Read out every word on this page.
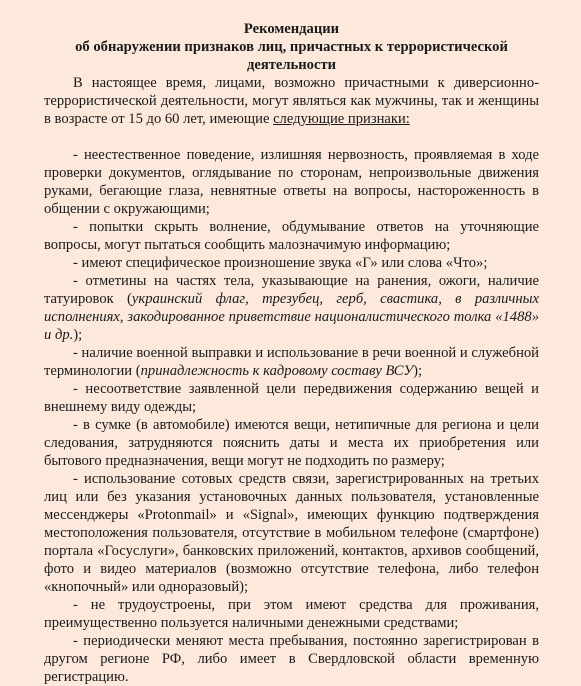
Рекомендации

об обнаружении признаков лиц, причастных к террористической деятельности

В настоящее время, лицами, возможно причастными к диверсионно-террористической деятельности, могут являться как мужчины, так и женщины в возрасте от 15 до 60 лет, имеющие следующие признаки:

- неестественное поведение, излишняя нервозность, проявляемая в ходе проверки документов, оглядывание по сторонам, непроизвольные движения руками, бегающие глаза, невнятные ответы на вопросы, настороженность в общении с окружающими;

- попытки скрыть волнение, обдумывание ответов на уточняющие вопросы, могут пытаться сообщить малозначимую информацию;

- имеют специфическое произношение звука «Г» или слова «Что»;

- отметины на частях тела, указывающие на ранения, ожоги, наличие татуировок (украинский флаг, трезубец, герб, свастика, в различных исполнениях, закодированное приветствие националистического толка «1488» и др.);

- наличие военной выправки и использование в речи военной и служебной терминологии (принадлежность к кадровому составу ВСУ);

- несоответствие заявленной цели передвижения содержанию вещей и внешнему виду одежды;

- в сумке (в автомобиле) имеются вещи, нетипичные для региона и цели следования, затрудняются пояснить даты и места их приобретения или бытового предназначения, вещи могут не подходить по размеру;

- использование сотовых средств связи, зарегистрированных на третьих лиц или без указания установочных данных пользователя, установленные мессенджеры «Protonmail» и «Signal», имеющих функцию подтверждения местоположения пользователя, отсутствие в мобильном телефоне (смартфоне) портала «Госуслуги», банковских приложений, контактов, архивов сообщений, фото и видео материалов (возможно отсутствие телефона, либо телефон «кнопочный» или одноразовый);

- не трудоустроены, при этом имеют средства для проживания, преимущественно пользуется наличными денежными средствами;

- периодически меняют места пребывания, постоянно зарегистрирован в другом регионе РФ, либо имеет в Свердловской области временную регистрацию.
